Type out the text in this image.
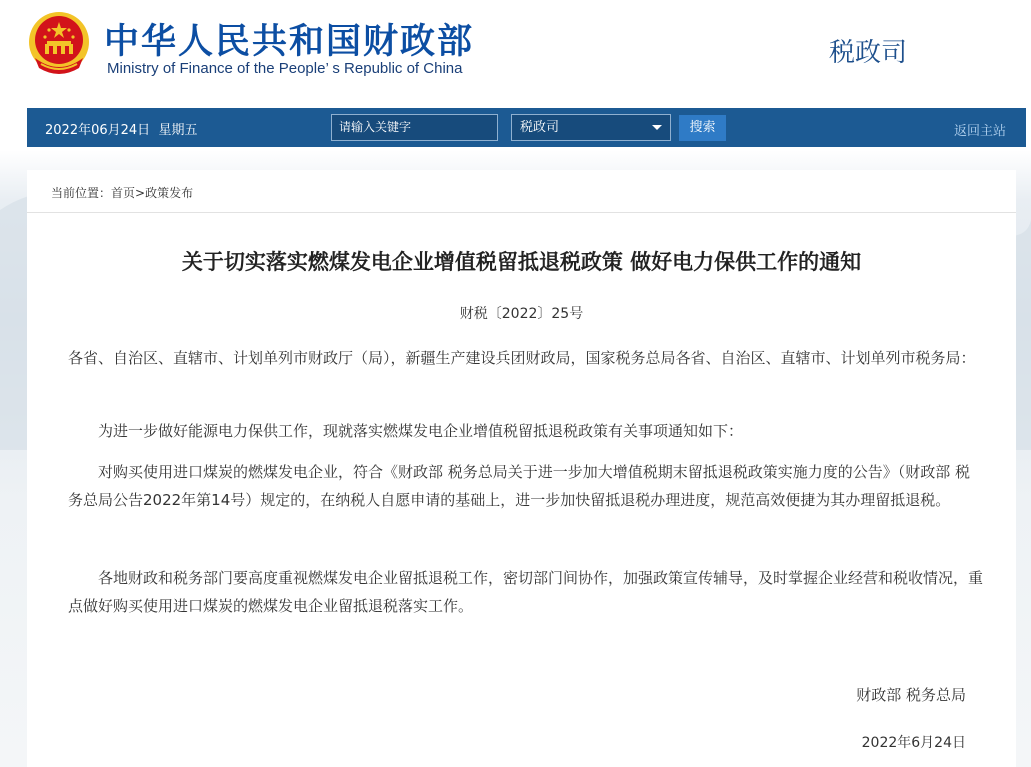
中华人民共和国财政部
Ministry of Finance of the People’ s Republic of China
税政司
2022年06月24日 星期五	请输入关键字	税政司	搜索	返回主站
当前位置：首页>政策发布
关于切实落实燃煤发电企业增值税留抵退税政策 做好电力保供工作的通知
财税〔2022〕25号
各省、自治区、直辖市、计划单列市财政厅（局），新疆生产建设兵团财政局，国家税务总局各省、自治区、直辖市、计划单列市税务局：
为进一步做好能源电力保供工作，现就落实燃煤发电企业增值税留抵退税政策有关事项通知如下：
对购买使用进口煤炭的燃煤发电企业，符合《财政部 税务总局关于进一步加大增值税期末留抵退税政策实施力度的公告》（财政部 税务总局公告2022年第14号）规定的，在纳税人自愿申请的基础上，进一步加快留抵退税办理进度，规范高效便捷为其办理留抵退税。
各地财政和税务部门要高度重视燃煤发电企业留抵退税工作，密切部门间协作，加强政策宣传辅导，及时掌握企业经营和税收情况，重点做好购买使用进口煤炭的燃煤发电企业留抵退税落实工作。
财政部 税务总局
2022年6月24日
